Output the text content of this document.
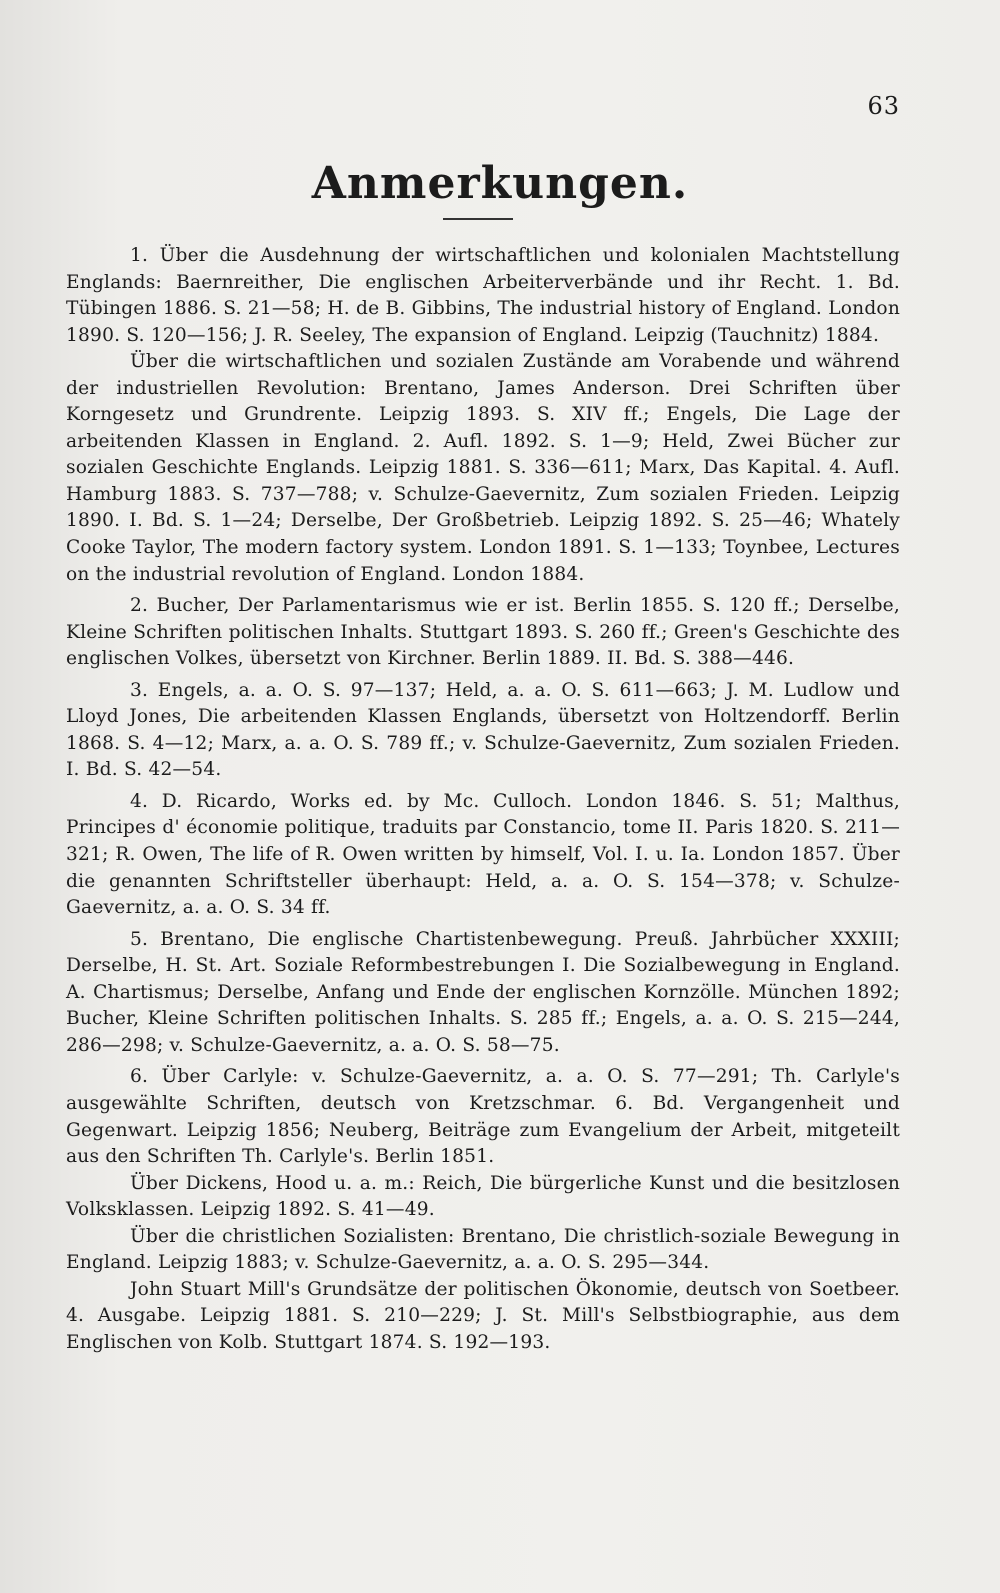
63
Anmerkungen.

1. Über die Ausdehnung der wirtschaftlichen und kolonialen Machtstellung Englands: Baernreither, Die englischen Arbeiterverbände und ihr Recht. 1. Bd. Tübingen 1886. S. 21—58; H. de B. Gibbins, The industrial history of England. London 1890. S. 120—156; J. R. Seeley, The expansion of England. Leipzig (Tauchnitz) 1884.

Über die wirtschaftlichen und sozialen Zustände am Vorabende und während der industriellen Revolution: Brentano, James Anderson. Drei Schriften über Korngesetz und Grundrente. Leipzig 1893. S. XIV ff.; Engels, Die Lage der arbeitenden Klassen in England. 2. Aufl. 1892. S. 1—9; Held, Zwei Bücher zur sozialen Geschichte Englands. Leipzig 1881. S. 336—611; Marx, Das Kapital. 4. Aufl. Hamburg 1883. S. 737—788; v. Schulze-Gaevernitz, Zum sozialen Frieden. Leipzig 1890. I. Bd. S. 1—24; Derselbe, Der Großbetrieb. Leipzig 1892. S. 25—46; Whately Cooke Taylor, The modern factory system. London 1891. S. 1—133; Toynbee, Lectures on the industrial revolution of England. London 1884.

2. Bucher, Der Parlamentarismus wie er ist. Berlin 1855. S. 120 ff.; Derselbe, Kleine Schriften politischen Inhalts. Stuttgart 1893. S. 260 ff.; Green's Geschichte des englischen Volkes, übersetzt von Kirchner. Berlin 1889. II. Bd. S. 388—446.

3. Engels, a. a. O. S. 97—137; Held, a. a. O. S. 611—663; J. M. Ludlow und Lloyd Jones, Die arbeitenden Klassen Englands, übersetzt von Holtzendorff. Berlin 1868. S. 4—12; Marx, a. a. O. S. 789 ff.; v. Schulze-Gaevernitz, Zum sozialen Frieden. I. Bd. S. 42—54.

4. D. Ricardo, Works ed. by Mc. Culloch. London 1846. S. 51; Malthus, Principes d' économie politique, traduits par Constancio, tome II. Paris 1820. S. 211—321; R. Owen, The life of R. Owen written by himself, Vol. I. u. Ia. London 1857. Über die genannten Schriftsteller überhaupt: Held, a. a. O. S. 154—378; v. Schulze-Gaevernitz, a. a. O. S. 34 ff.

5. Brentano, Die englische Chartistenbewegung. Preuß. Jahrbücher XXXIII; Derselbe, H. St. Art. Soziale Reformbestrebungen I. Die Sozialbewegung in England. A. Chartismus; Derselbe, Anfang und Ende der englischen Kornzölle. München 1892; Bucher, Kleine Schriften politischen Inhalts. S. 285 ff.; Engels, a. a. O. S. 215—244, 286—298; v. Schulze-Gaevernitz, a. a. O. S. 58—75.

6. Über Carlyle: v. Schulze-Gaevernitz, a. a. O. S. 77—291; Th. Carlyle's ausgewählte Schriften, deutsch von Kretzschmar. 6. Bd. Vergangenheit und Gegenwart. Leipzig 1856; Neuberg, Beiträge zum Evangelium der Arbeit, mitgeteilt aus den Schriften Th. Carlyle's. Berlin 1851.

Über Dickens, Hood u. a. m.: Reich, Die bürgerliche Kunst und die besitzlosen Volksklassen. Leipzig 1892. S. 41—49.

Über die christlichen Sozialisten: Brentano, Die christlich-soziale Bewegung in England. Leipzig 1883; v. Schulze-Gaevernitz, a. a. O. S. 295—344.

John Stuart Mill's Grundsätze der politischen Ökonomie, deutsch von Soetbeer. 4. Ausgabe. Leipzig 1881. S. 210—229; J. St. Mill's Selbstbiographie, aus dem Englischen von Kolb. Stuttgart 1874. S. 192—193.
